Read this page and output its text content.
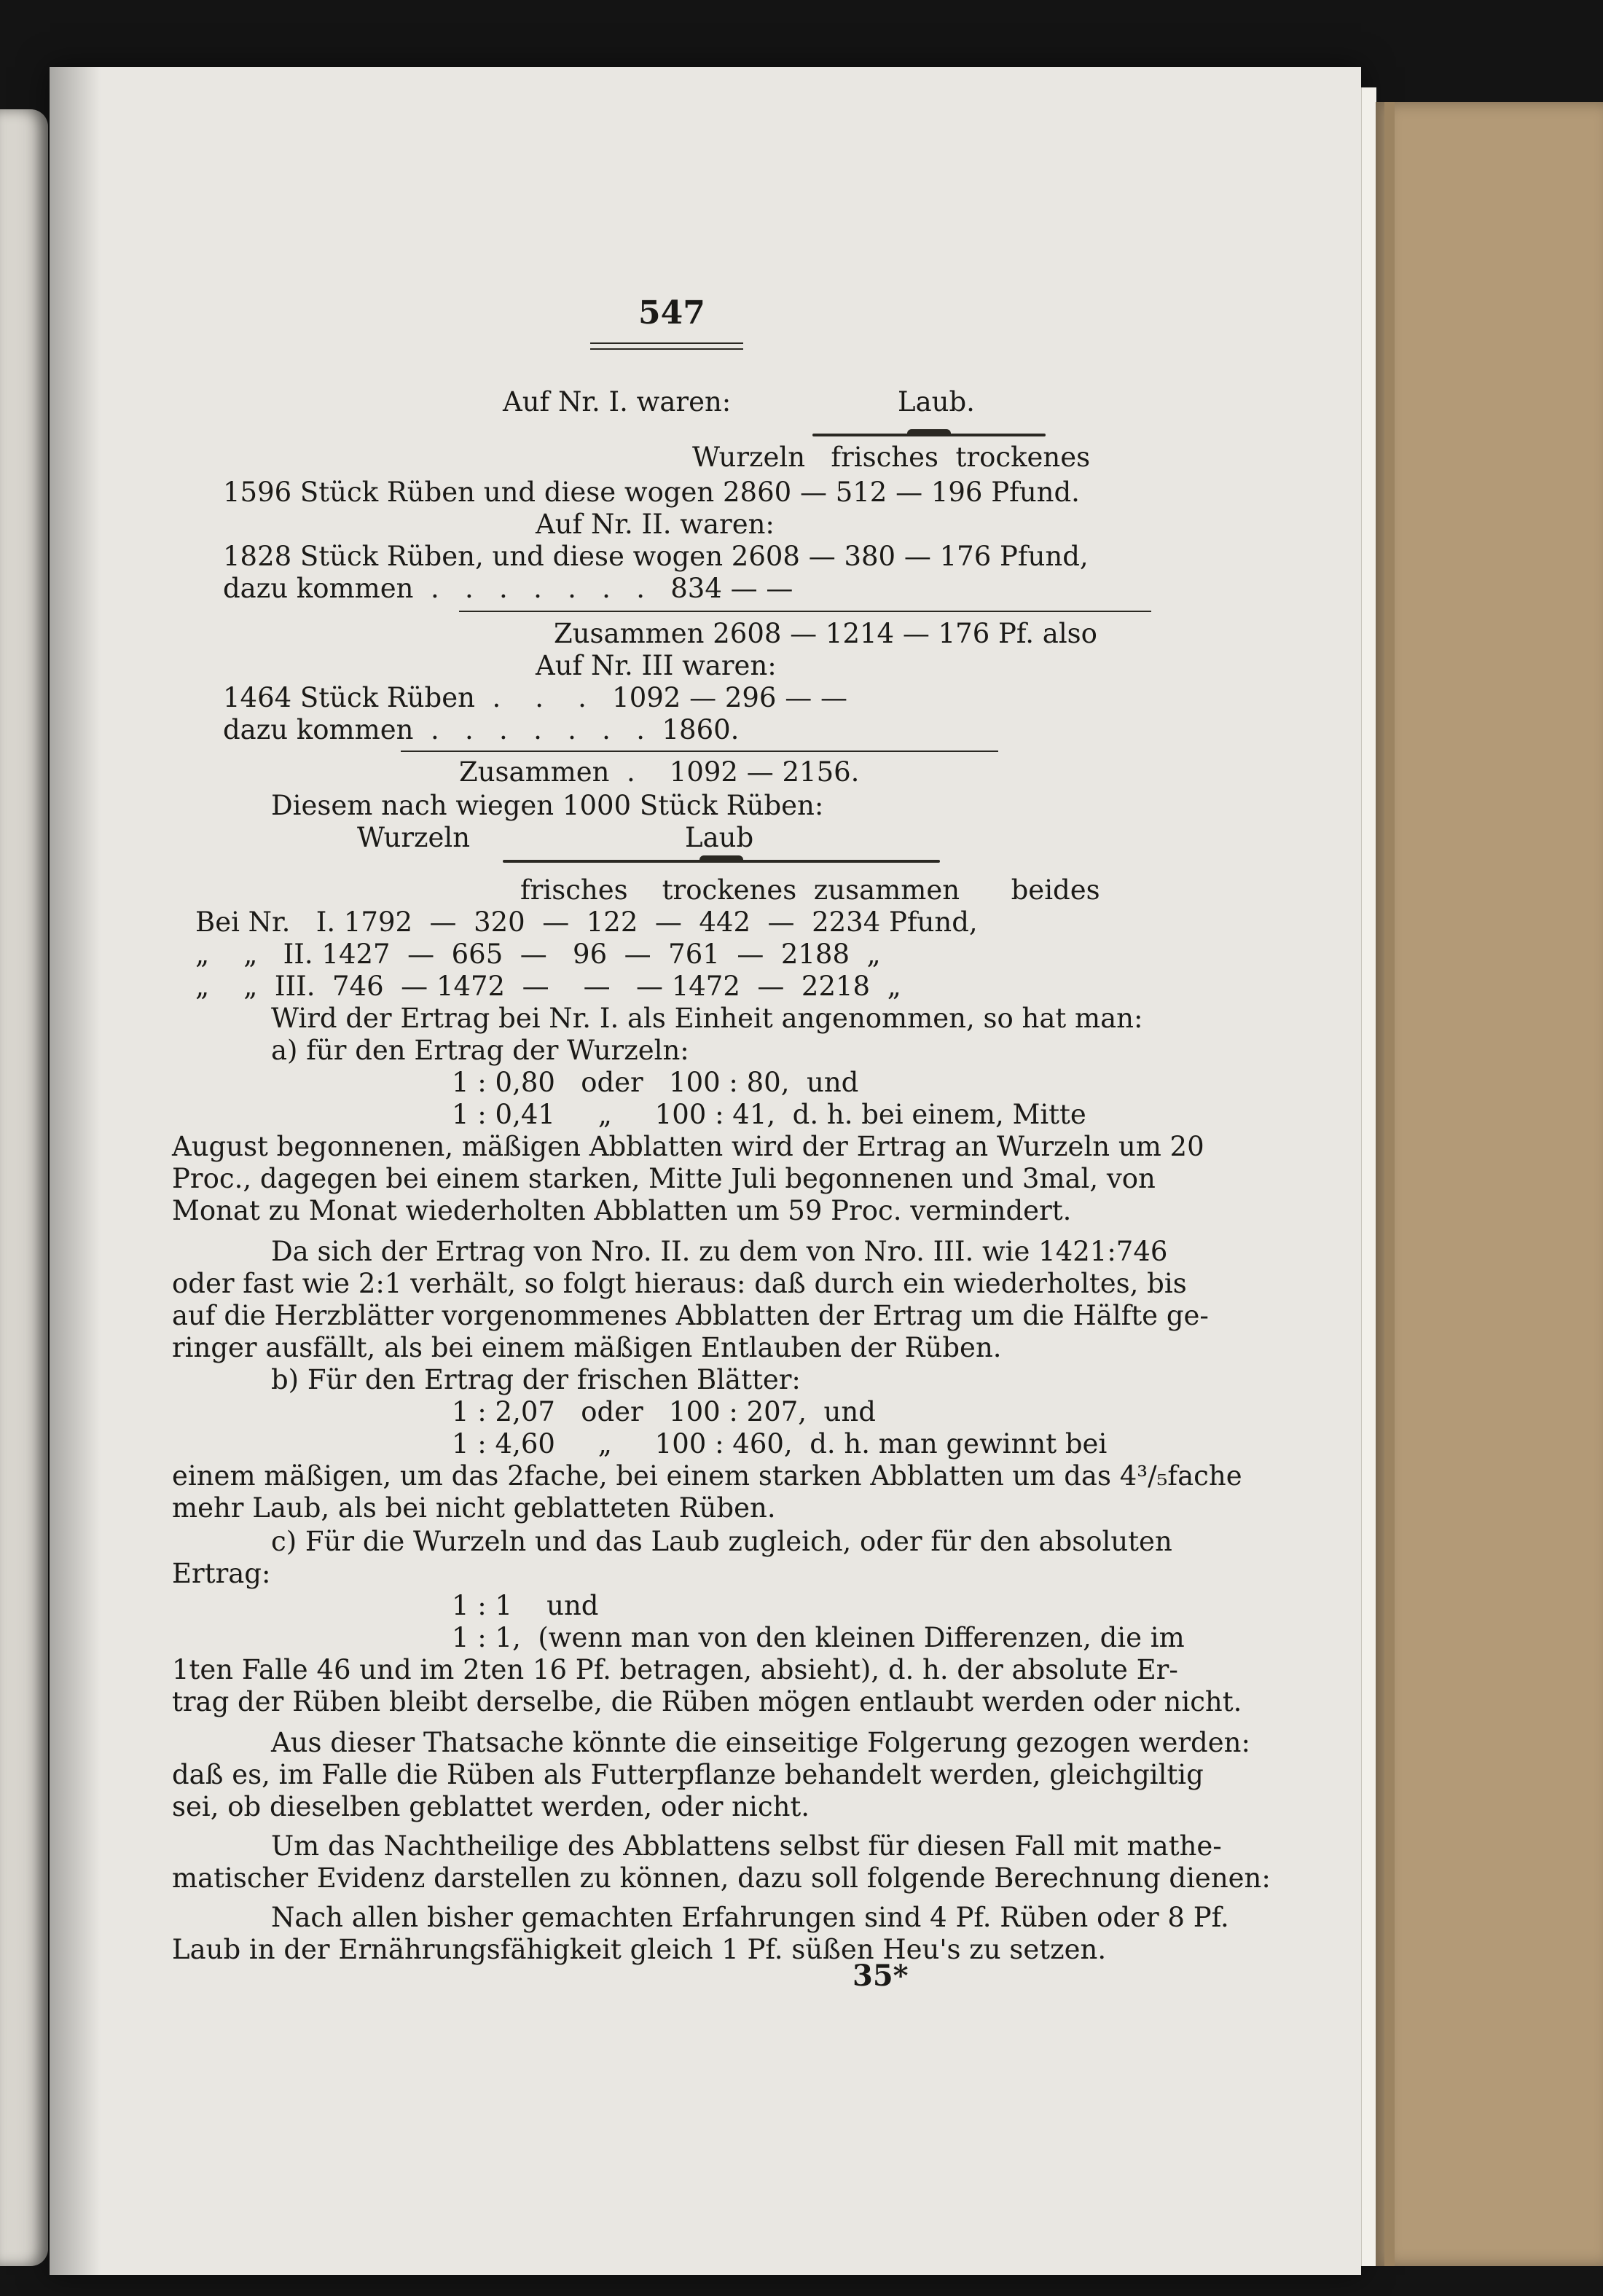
547
Auf Nr. I. waren:	Laub.
Wurzeln   frisches  trockenes
1596 Stück Rüben und diese wogen 2860 — 512 — 196 Pfund.
Auf Nr. II. waren:
1828 Stück Rüben, und diese wogen 2608 — 380 — 176 Pfund,
dazu kommen  .   .   .   .   .   .   .   834 — —
Zusammen 2608 — 1214 — 176 Pf. also
Auf Nr. III waren:
1464 Stück Rüben  .    .    .   1092 — 296 — —
dazu kommen  .   .   .   .   .   .   .  1860.
Zusammen  .    1092 — 2156.
Diesem nach wiegen 1000 Stück Rüben:
Wurzeln	Laub
frisches    trockenes  zusammen      beides
Bei Nr.   I. 1792  —  320  —  122  —  442  —  2234 Pfund,
„    „   II. 1427  —  665  —   96  —  761  —  2188  „
„    „  III.  746  — 1472  —    —   — 1472  —  2218  „
Wird der Ertrag bei Nr. I. als Einheit angenommen, so hat man:
a) für den Ertrag der Wurzeln:
1 : 0,80   oder   100 : 80,  und
1 : 0,41     „     100 : 41,  d. h. bei einem, Mitte
August begonnenen, mäßigen Abblatten wird der Ertrag an Wurzeln um 20
Proc., dagegen bei einem starken, Mitte Juli begonnenen und 3mal, von
Monat zu Monat wiederholten Abblatten um 59 Proc. vermindert.
Da sich der Ertrag von Nro. II. zu dem von Nro. III. wie 1421:746
oder fast wie 2:1 verhält, so folgt hieraus: daß durch ein wiederholtes, bis
auf die Herzblätter vorgenommenes Abblatten der Ertrag um die Hälfte ge-
ringer ausfällt, als bei einem mäßigen Entlauben der Rüben.
b) Für den Ertrag der frischen Blätter:
1 : 2,07   oder   100 : 207,  und
1 : 4,60     „     100 : 460,  d. h. man gewinnt bei
einem mäßigen, um das 2fache, bei einem starken Abblatten um das 4³/₅fache
mehr Laub, als bei nicht geblatteten Rüben.
c) Für die Wurzeln und das Laub zugleich, oder für den absoluten
Ertrag:
1 : 1    und
1 : 1,  (wenn man von den kleinen Differenzen, die im
1ten Falle 46 und im 2ten 16 Pf. betragen, absieht), d. h. der absolute Er-
trag der Rüben bleibt derselbe, die Rüben mögen entlaubt werden oder nicht.
Aus dieser Thatsache könnte die einseitige Folgerung gezogen werden:
daß es, im Falle die Rüben als Futterpflanze behandelt werden, gleichgiltig
sei, ob dieselben geblattet werden, oder nicht.
Um das Nachtheilige des Abblattens selbst für diesen Fall mit mathe-
matischer Evidenz darstellen zu können, dazu soll folgende Berechnung dienen:
Nach allen bisher gemachten Erfahrungen sind 4 Pf. Rüben oder 8 Pf.
Laub in der Ernährungsfähigkeit gleich 1 Pf. süßen Heu's zu setzen.
35*
